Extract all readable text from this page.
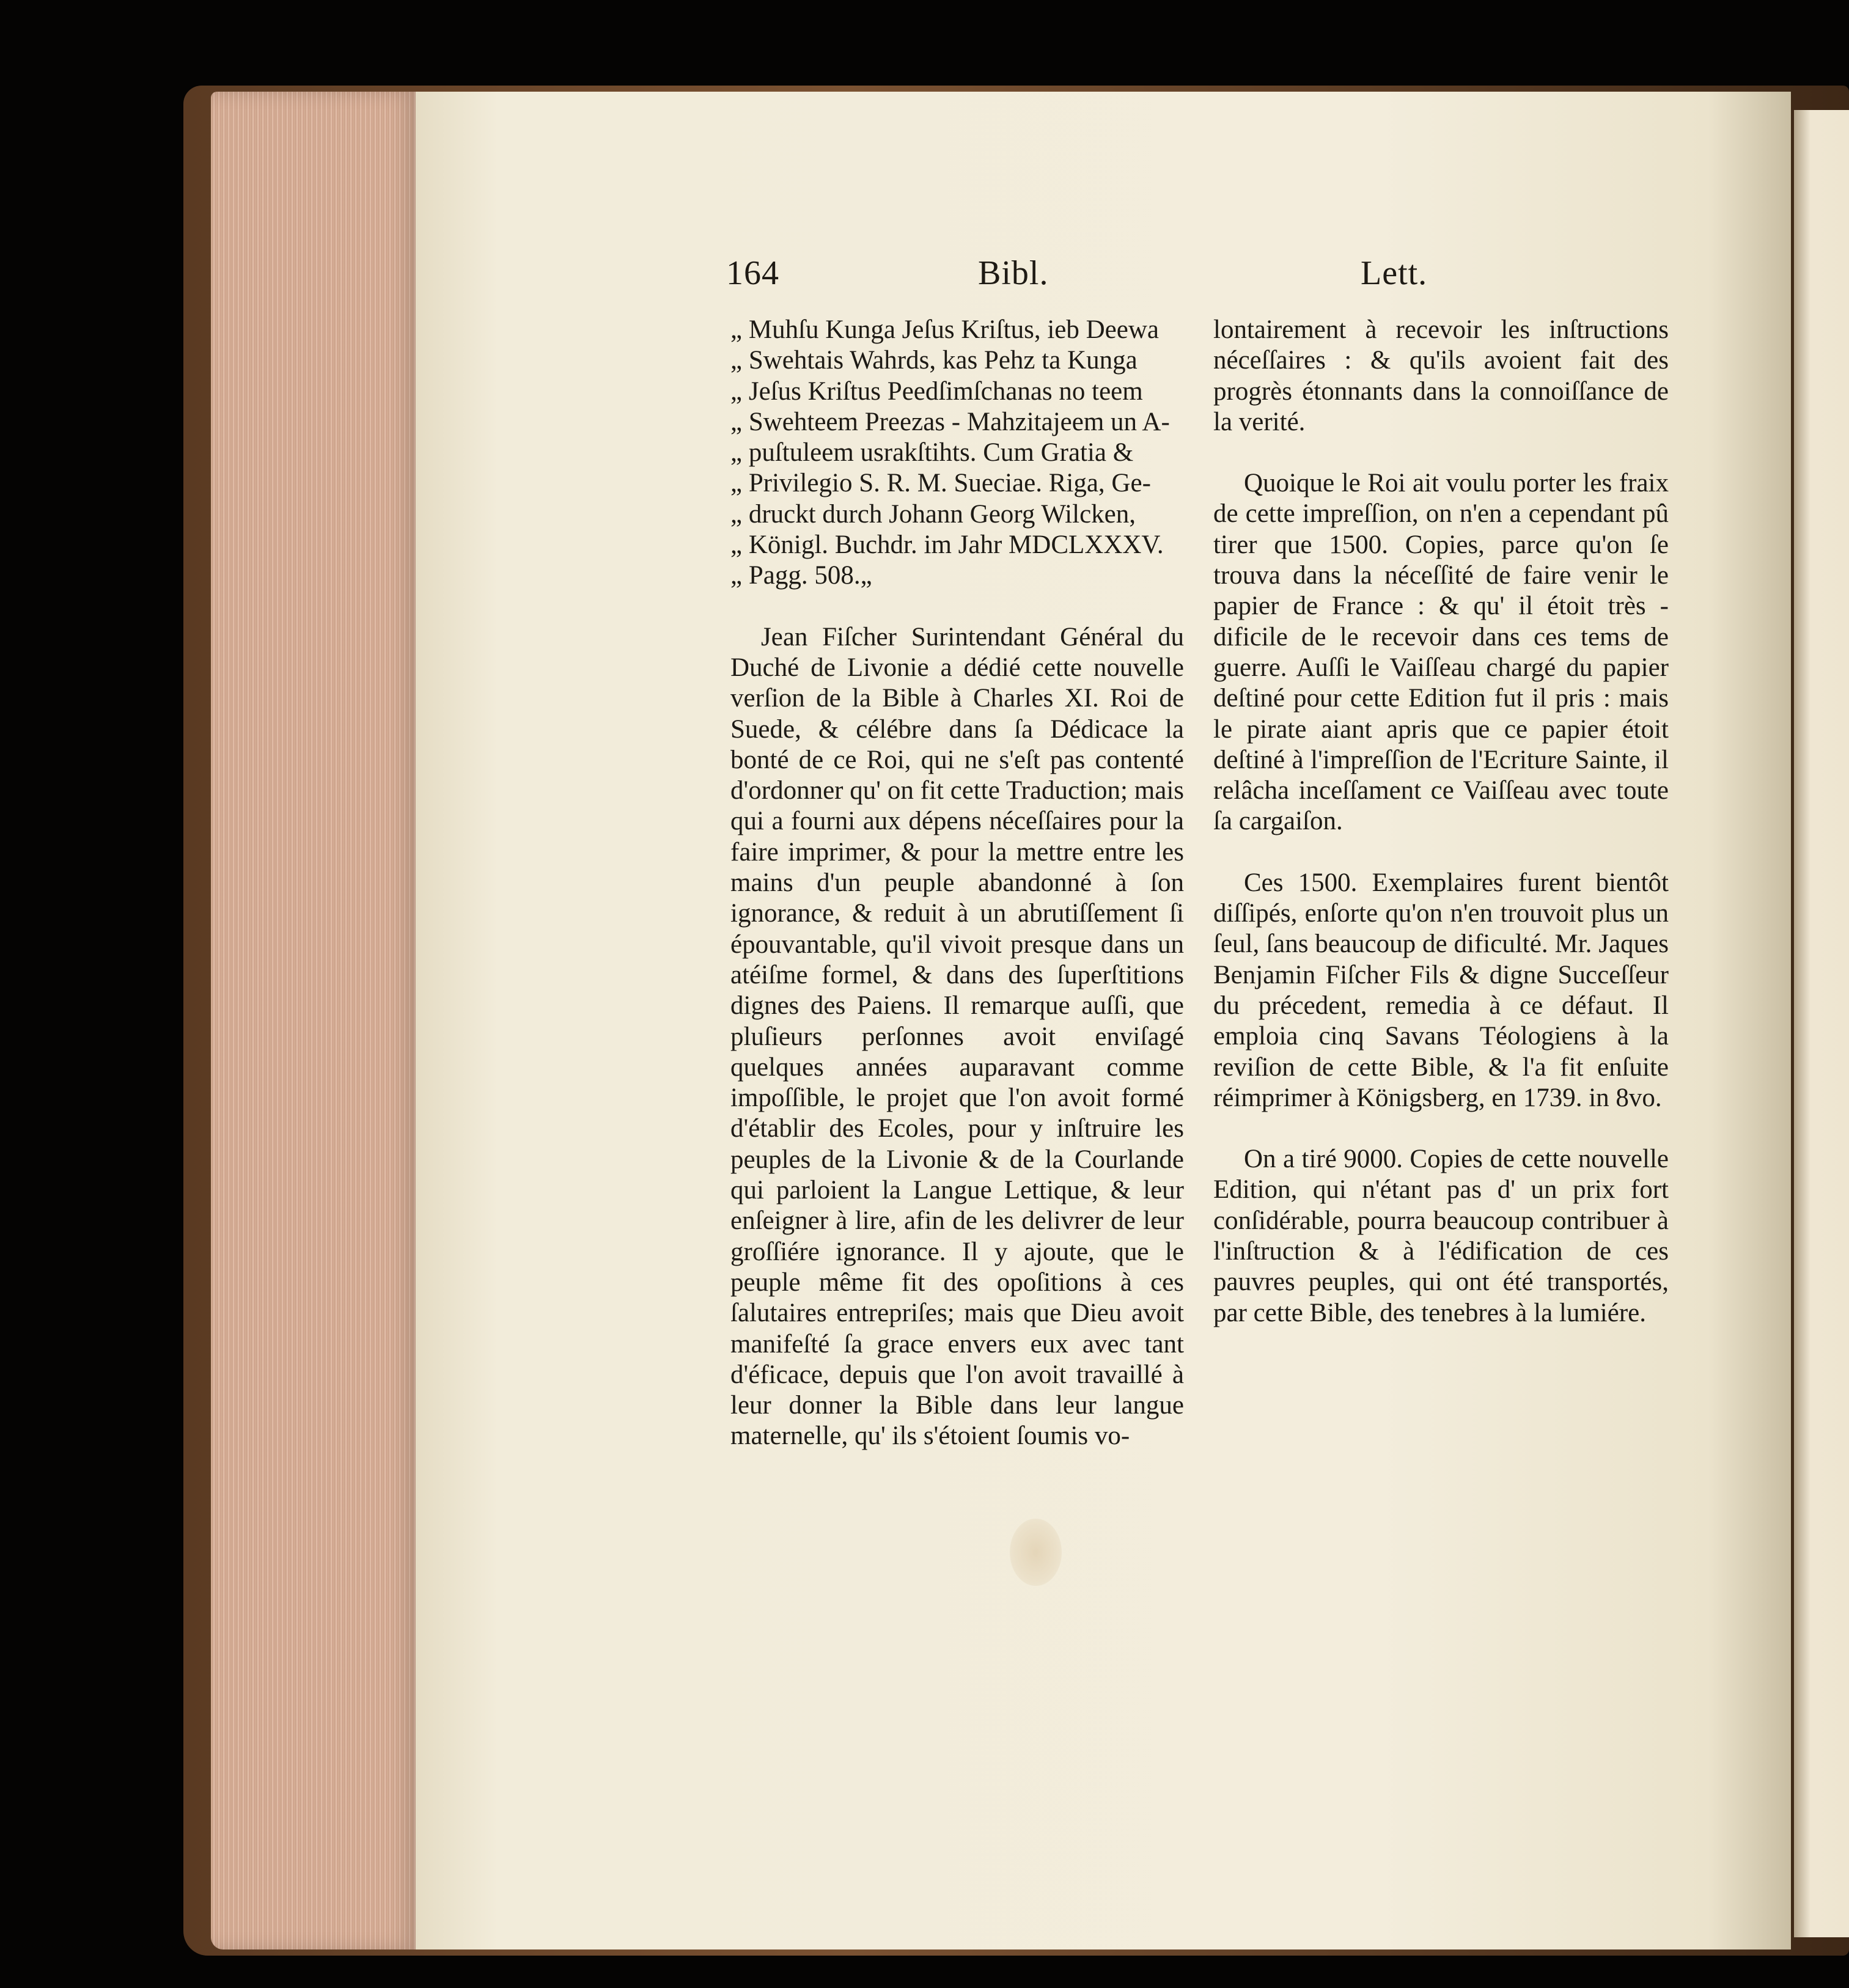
164	Bibl.	Lett.
„ Muhſu Kunga Jeſus Kriſtus, ieb Deewa
„ Swehtais Wahrds, kas Pehz ta Kunga
„ Jeſus Kriſtus Peedſimſchanas no teem
„ Swehteem Preezas - Mahzitajeem un A-
„ puſtuleem usrakſtihts. Cum Gratia &
„ Privilegio S. R. M. Sueciae. Riga, Ge-
„ druckt durch Johann Georg Wilcken,
„ Königl. Buchdr. im Jahr MDCLXXXV.
„ Pagg. 508.„

Jean Fiſcher Surintendant Général du Duché de Livonie a dédié cette nouvelle verſion de la Bible à Charles XI. Roi de Suede, & célébre dans ſa Dédicace la bonté de ce Roi, qui ne s'eſt pas contenté d'ordonner qu' on fit cette Traduction; mais qui a fourni aux dépens néceſſaires pour la faire imprimer, & pour la mettre entre les mains d'un peuple abandonné à ſon ignorance, & reduit à un abrutiſſement ſi épouvantable, qu'il vivoit presque dans un atéiſme formel, & dans des ſuperſtitions dignes des Paiens. Il remarque auſſi, que pluſieurs perſonnes avoit enviſagé quelques années auparavant comme impoſſible, le projet que l'on avoit formé d'établir des Ecoles, pour y inſtruire les peuples de la Livonie & de la Courlande qui parloient la Langue Lettique, & leur enſeigner à lire, afin de les delivrer de leur groſſiére ignorance. Il y ajoute, que le peuple même fit des opoſitions à ces ſalutaires entrepriſes; mais que Dieu avoit manifeſté ſa grace envers eux avec tant d'éficace, depuis que l'on avoit travaillé à leur donner la Bible dans leur langue maternelle, qu' ils s'étoient ſoumis vo-

lontairement à recevoir les inſtructions néceſſaires : & qu'ils avoient fait des progrès étonnants dans la connoiſſance de la verité.

Quoique le Roi ait voulu porter les fraix de cette impreſſion, on n'en a cependant pû tirer que 1500. Copies, parce qu'on ſe trouva dans la néceſſité de faire venir le papier de France : & qu' il étoit très - dificile de le recevoir dans ces tems de guerre. Auſſi le Vaiſſeau chargé du papier deſtiné pour cette Edition fut il pris : mais le pirate aiant apris que ce papier étoit deſtiné à l'impreſſion de l'Ecriture Sainte, il relâcha inceſſament ce Vaiſſeau avec toute ſa cargaiſon.

Ces 1500. Exemplaires furent bientôt diſſipés, enſorte qu'on n'en trouvoit plus un ſeul, ſans beaucoup de dificulté. Mr. Jaques Benjamin Fiſcher Fils & digne Succeſſeur du précedent, remedia à ce défaut. Il emploia cinq Savans Téologiens à la reviſion de cette Bible, & l'a fit enſuite réimprimer à Königsberg, en 1739. in 8vo.

On a tiré 9000. Copies de cette nouvelle Edition, qui n'étant pas d' un prix fort conſidérable, pourra beaucoup contribuer à l'inſtruction & à l'édification de ces pauvres peuples, qui ont été transportés, par cette Bible, des tenebres à la lumiére.
